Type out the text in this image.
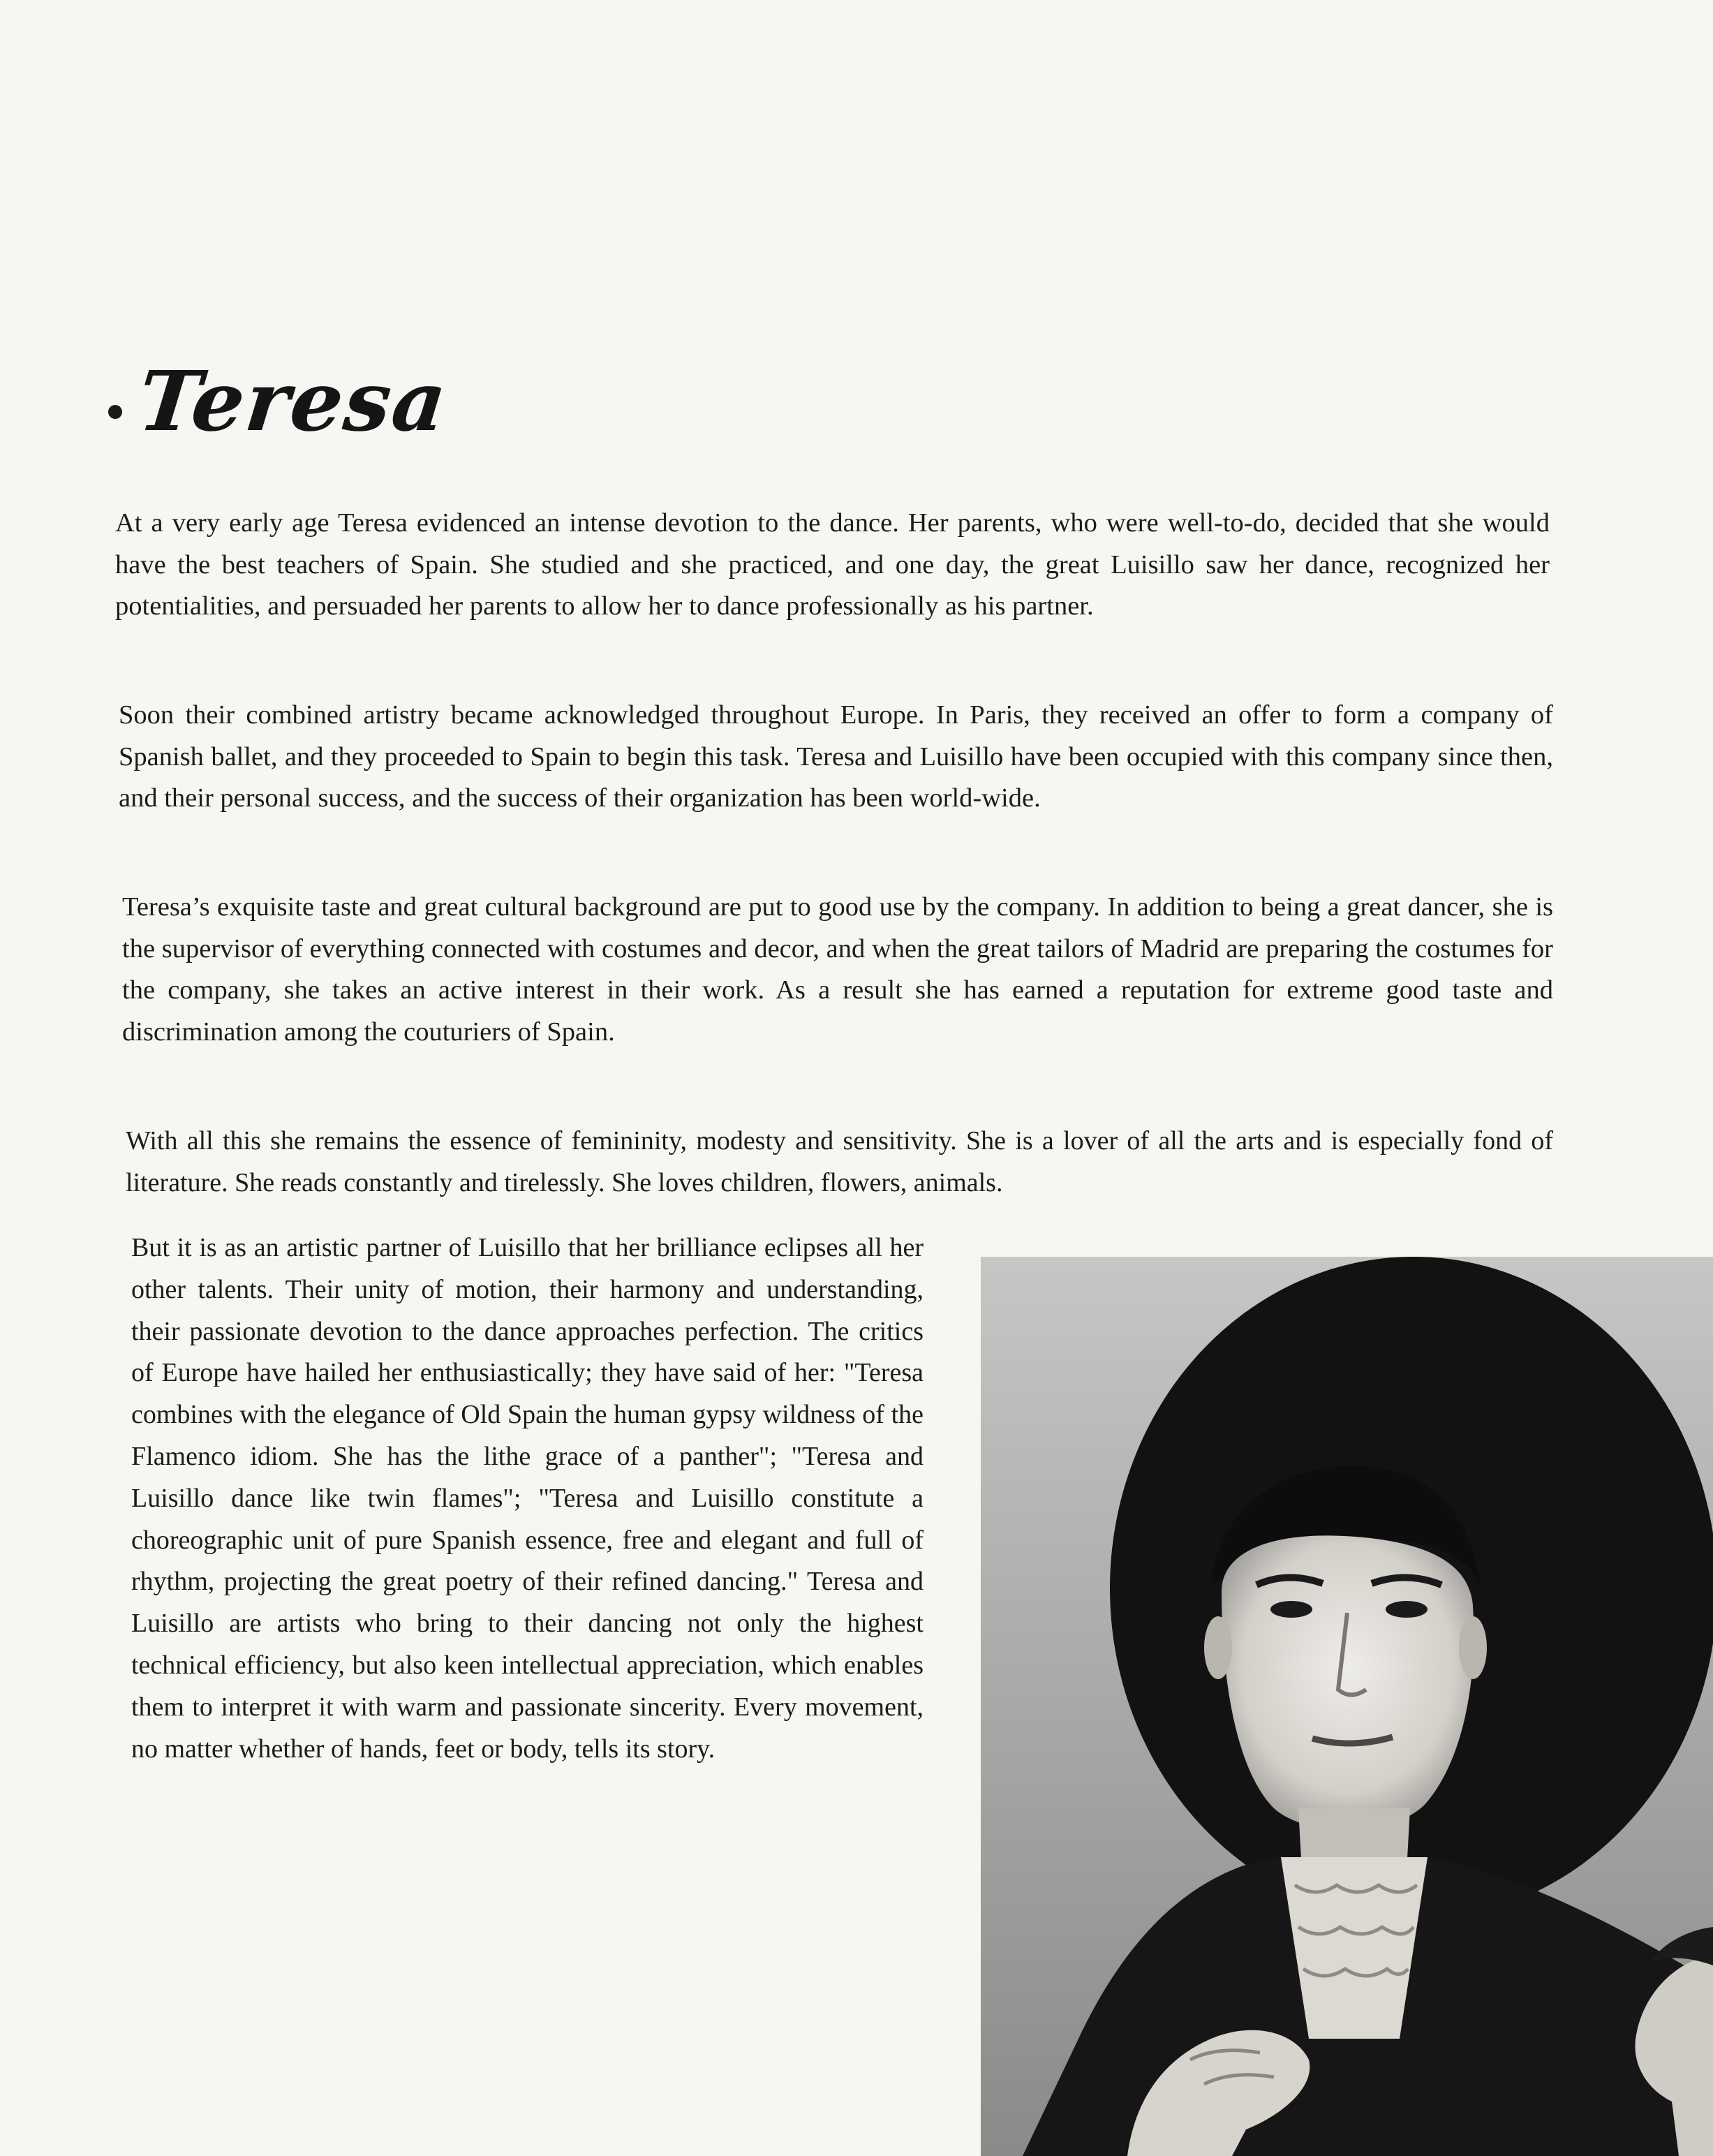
Teresa

At a very early age Teresa evidenced an intense devotion to the dance. Her parents, who were well-to-do, decided that she would have the best teachers of Spain. She studied and she practiced, and one day, the great Luisillo saw her dance, recognized her potentialities, and persuaded her parents to allow her to dance professionally as his partner.

Soon their combined artistry became acknowledged throughout Europe. In Paris, they received an offer to form a company of Spanish ballet, and they proceeded to Spain to begin this task. Teresa and Luisillo have been occupied with this company since then, and their personal success, and the success of their organization has been world-wide.

Teresa’s exquisite taste and great cultural background are put to good use by the company. In addition to being a great dancer, she is the supervisor of everything connected with costumes and decor, and when the great tailors of Madrid are preparing the costumes for the company, she takes an active interest in their work. As a result she has earned a reputation for extreme good taste and discrimination among the couturiers of Spain.

With all this she remains the essence of femininity, modesty and sensitivity. She is a lover of all the arts and is especially fond of literature. She reads constantly and tirelessly. She loves children, flowers, animals.

But it is as an artistic partner of Luisillo that her brilliance eclipses all her other talents. Their unity of motion, their harmony and understanding, their passionate devotion to the dance approaches perfection. The critics of Europe have hailed her enthusiastically; they have said of her: "Teresa combines with the elegance of Old Spain the human gypsy wildness of the Flamenco idiom. She has the lithe grace of a panther"; "Teresa and Luisillo dance like twin flames"; "Teresa and Luisillo constitute a choreographic unit of pure Spanish essence, free and elegant and full of rhythm, projecting the great poetry of their refined dancing." Teresa and Luisillo are artists who bring to their dancing not only the highest technical efficiency, but also keen intellectual appreciation, which enables them to interpret it with warm and passionate sincerity. Every movement, no matter whether of hands, feet or body, tells its story.
